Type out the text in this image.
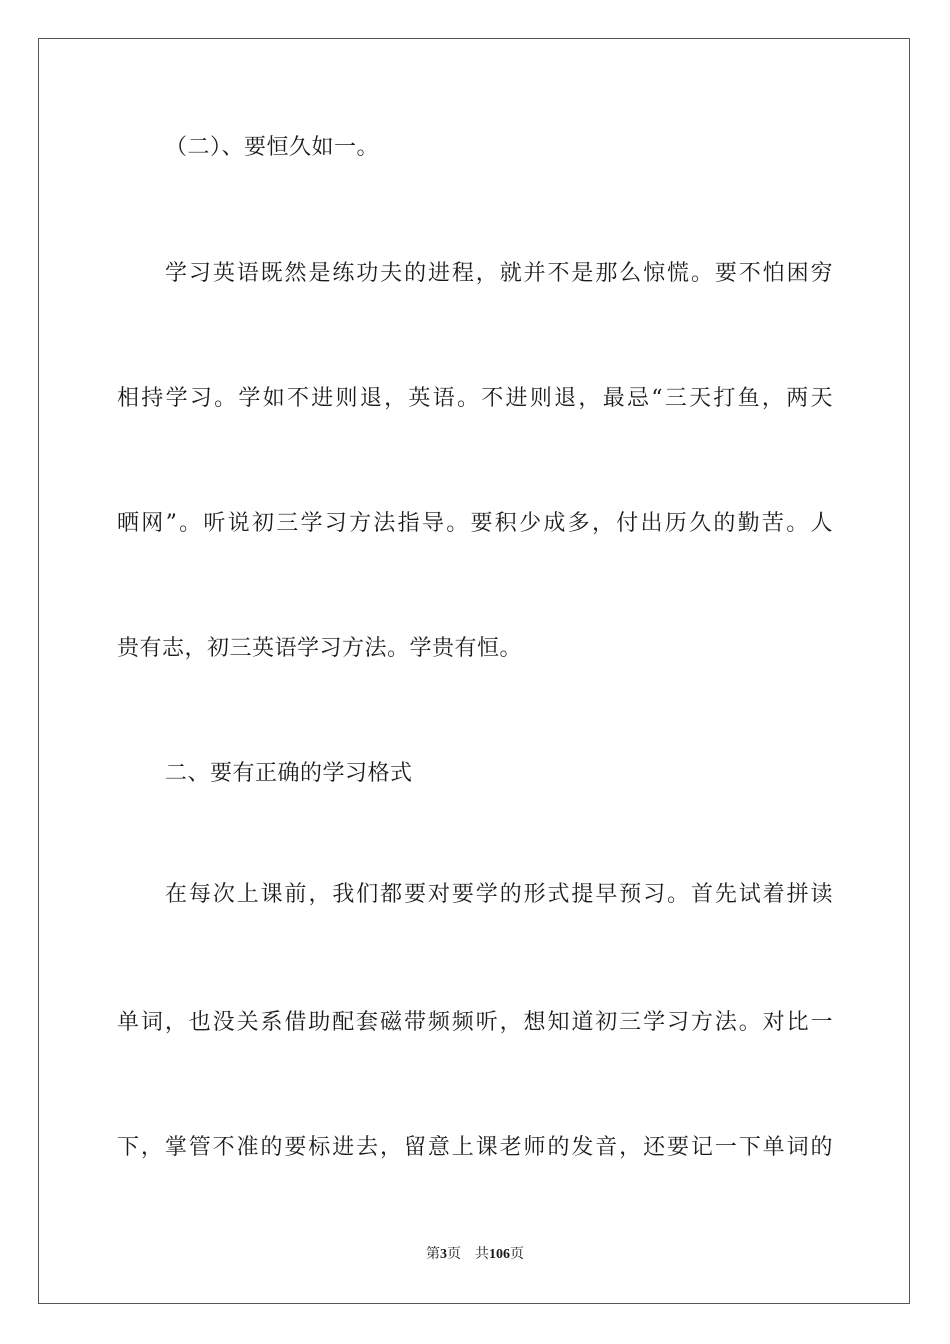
（二）、要恒久如一。
学习英语既然是练功夫的进程，就并不是那么惊慌。要不怕困穷
相持学习。学如不进则退，英语。不进则退，最忌“三天打鱼，两天
晒网”。听说初三学习方法指导。要积少成多，付出历久的勤苦。人
贵有志，初三英语学习方法。学贵有恒。
二、要有正确的学习格式
在每次上课前，我们都要对要学的形式提早预习。首先试着拼读
单词，也没关系借助配套磁带频频听，想知道初三学习方法。对比一
下，掌管不准的要标进去，留意上课老师的发音，还要记一下单词的
第3页 共106页
